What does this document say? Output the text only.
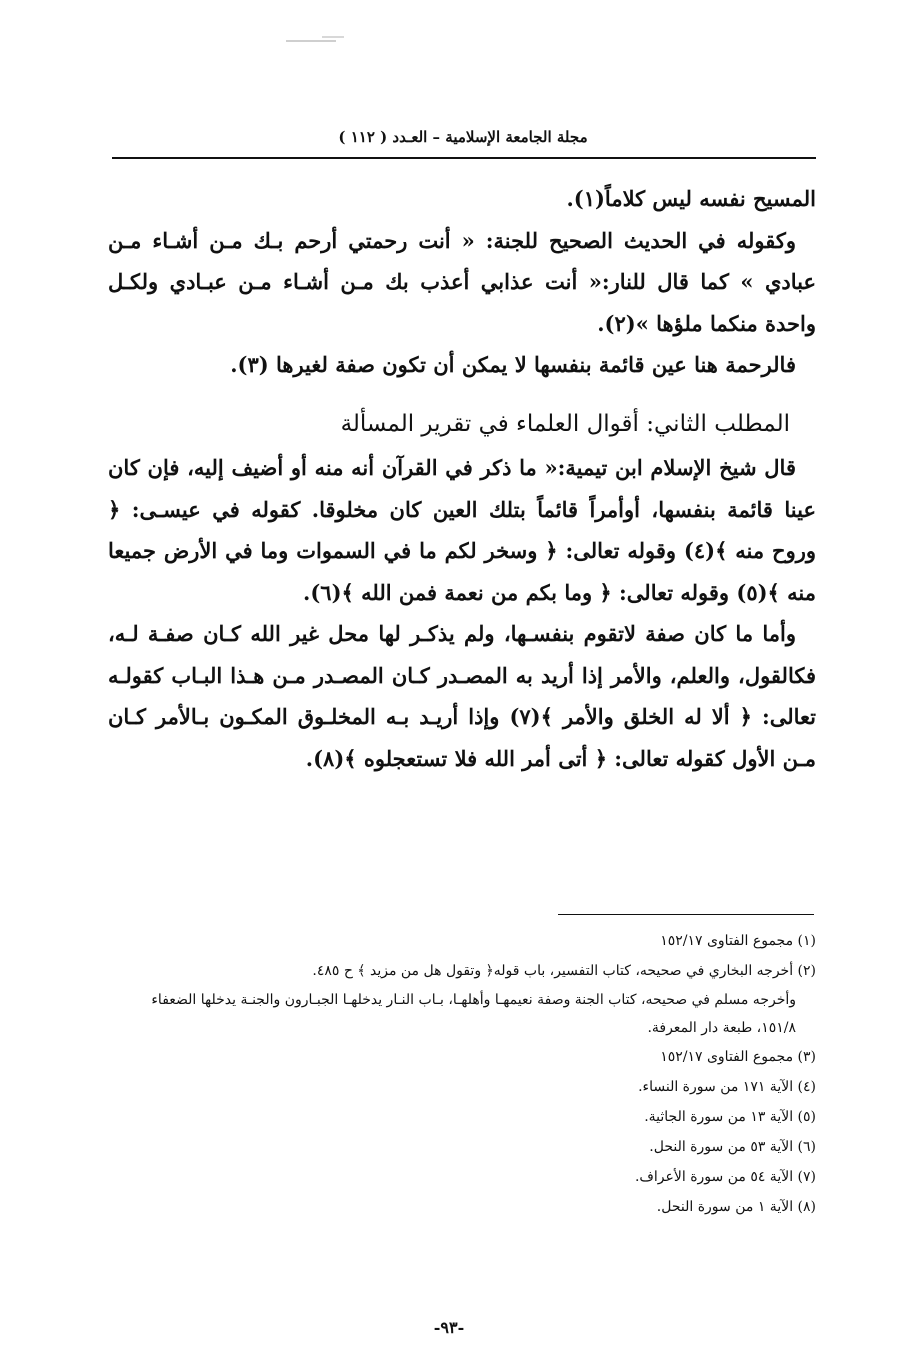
مجلة الجامعة الإسلامية – العـدد ( ١١٢ )

المسيح نفسه ليس كلاماً(١).

وكقوله في الحديث الصحيح للجنة: « أنت رحمتي أرحم بـك مـن أشـاء مـن عبادي » كما قال للنار:« أنت عذابي أعذب بك مـن أشـاء مـن عبـادي ولكـل واحدة منكما ملؤها »(٢).

فالرحمة هنا عين قائمة بنفسها لا يمكن أن تكون صفة لغيرها (٣).

المطلب الثاني: أقوال العلماء في تقرير المسألة

قال شيخ الإسلام ابن تيمية:« ما ذكر في القرآن أنه منه أو أضيف إليه، فإن كان عينا قائمة بنفسها، أوأمراً قائماً بتلك العين كان مخلوقا. كقوله في عيسـى: ﴿ وروح منه ﴾(٤) وقوله تعالى: ﴿ وسخر لكم ما في السموات وما في الأرض جميعا منه ﴾(٥) وقوله تعالى: ﴿ وما بكم من نعمة فمن الله ﴾(٦).

وأما ما كان صفة لاتقوم بنفسـها، ولم يذكـر لها محل غير الله كـان صفـة لـه، فكالقول، والعلم، والأمر إذا أريد به المصـدر كـان المصـدر مـن هـذا البـاب كقولـه تعالى: ﴿ ألا له الخلق والأمر ﴾(٧) وإذا أريـد بـه المخلـوق المكـون بـالأمر كـان مـن الأول كقوله تعالى: ﴿ أتى أمر الله فلا تستعجلوه ﴾(٨).

(١) مجموع الفتاوى ١٥٢/١٧
(٢) أخرجه البخاري في صحيحه، كتاب التفسير، باب قوله﴿ وتقول هل من مزيد ﴾ ح ٤٨٥.
وأخرجه مسلم في صحيحه، كتاب الجنة وصفة نعيمهـا وأهلهـا، بـاب النـار يدخلهـا الجبـارون والجنـة يدخلها الضعفاء ١٥١/٨، طبعة دار المعرفة.
(٣) مجموع الفتاوى ١٥٢/١٧
(٤) الآية ١٧١ من سورة النساء.
(٥) الآية ١٣ من سورة الجاثية.
(٦) الآية ٥٣ من سورة النحل.
(٧) الآية ٥٤ من سورة الأعراف.
(٨) الآية ١ من سورة النحل.
-٩٣-
